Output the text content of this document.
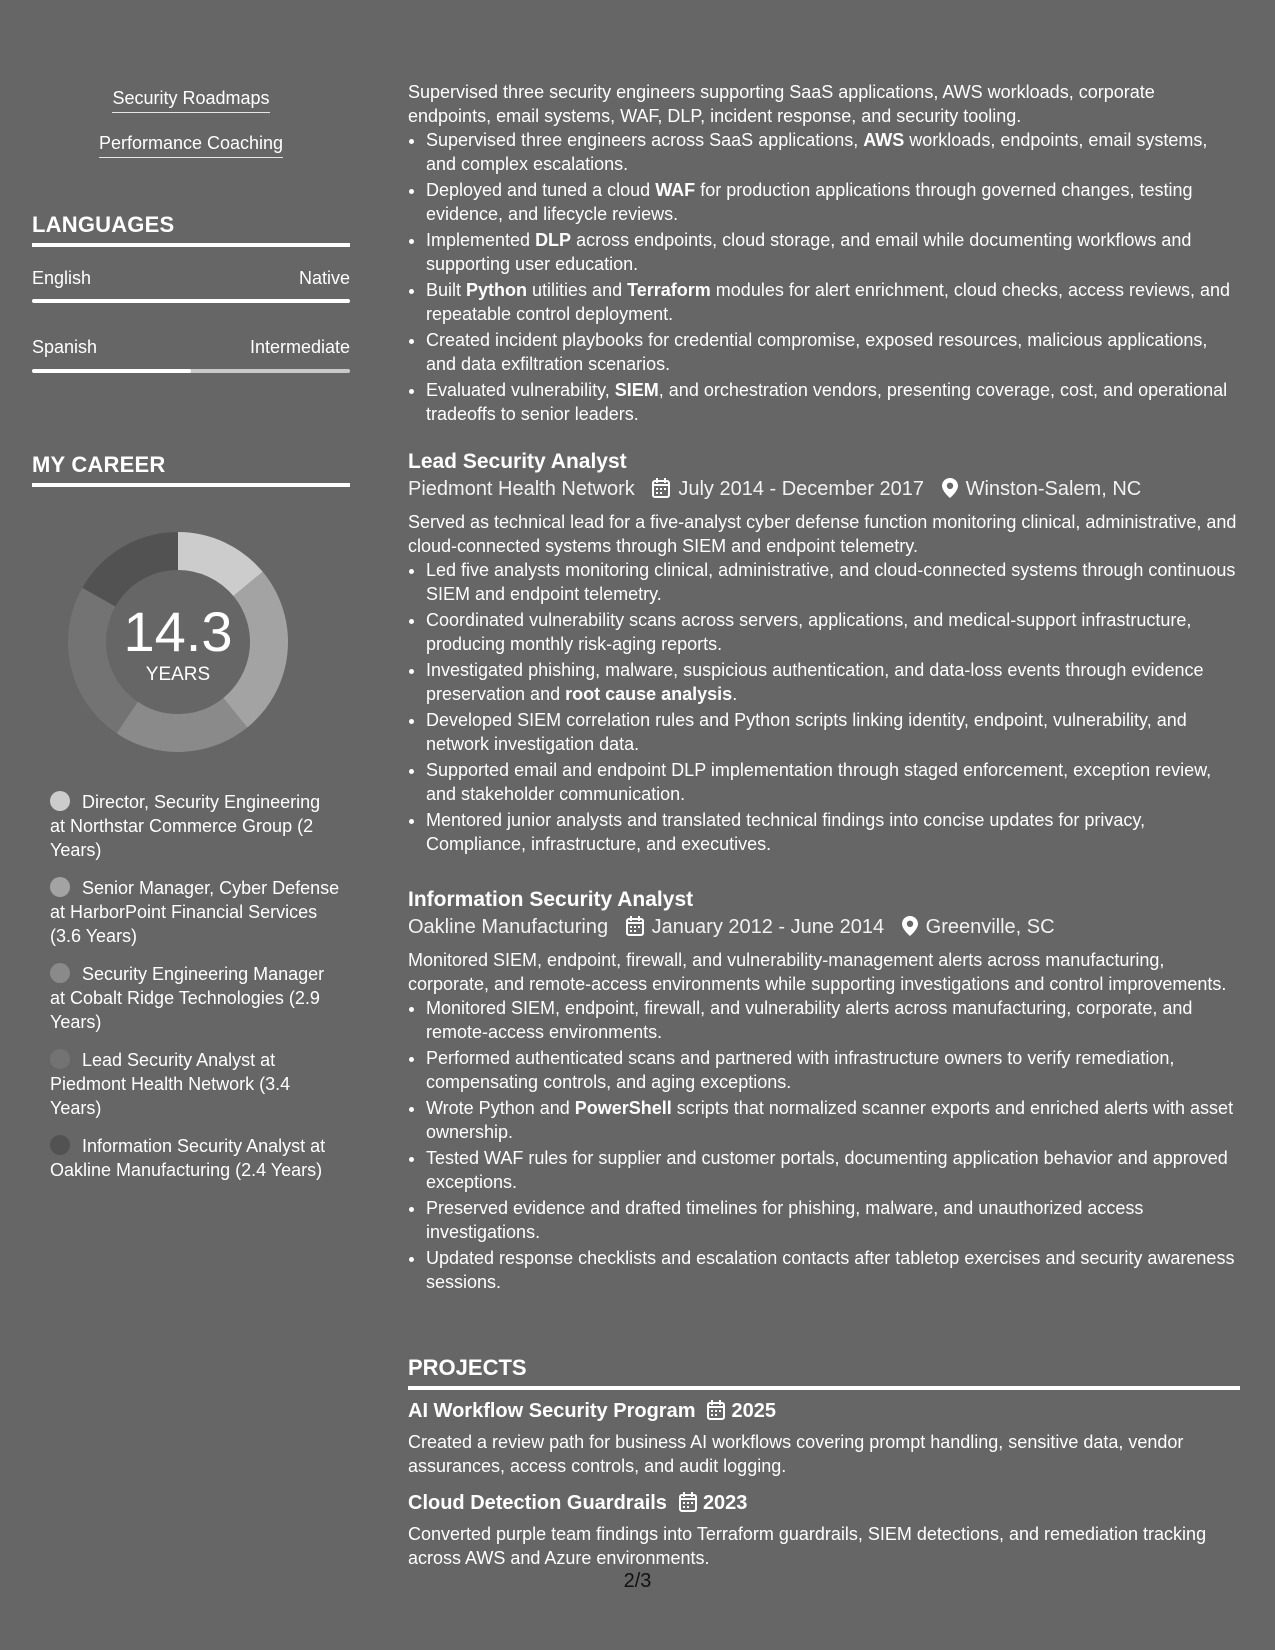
Security Roadmaps
Performance Coaching
LANGUAGES
English	Native
Spanish	Intermediate
MY CAREER
14.3
YEARS
Director, Security Engineering at Northstar Commerce Group (2 Years)
Senior Manager, Cyber Defense at HarborPoint Financial Services (3.6 Years)
Security Engineering Manager at Cobalt Ridge Technologies (2.9 Years)
Lead Security Analyst at Piedmont Health Network (3.4 Years)
Information Security Analyst at Oakline Manufacturing (2.4 Years)

Supervised three security engineers supporting SaaS applications, AWS workloads, corporate endpoints, email systems, WAF, DLP, incident response, and security tooling.

• Supervised three engineers across SaaS applications, AWS workloads, endpoints, email systems, and complex escalations.
• Deployed and tuned a cloud WAF for production applications through governed changes, testing evidence, and lifecycle reviews.
• Implemented DLP across endpoints, cloud storage, and email while documenting workflows and supporting user education.
• Built Python utilities and Terraform modules for alert enrichment, cloud checks, access reviews, and repeatable control deployment.
• Created incident playbooks for credential compromise, exposed resources, malicious applications, and data exfiltration scenarios.
• Evaluated vulnerability, SIEM, and orchestration vendors, presenting coverage, cost, and operational tradeoffs to senior leaders.

Lead Security Analyst

Piedmont Health Network July 2014 - December 2017 Winston-Salem, NC

Served as technical lead for a five-analyst cyber defense function monitoring clinical, administrative, and cloud-connected systems through SIEM and endpoint telemetry.

• Led five analysts monitoring clinical, administrative, and cloud-connected systems through continuous SIEM and endpoint telemetry.
• Coordinated vulnerability scans across servers, applications, and medical-support infrastructure, producing monthly risk-aging reports.
• Investigated phishing, malware, suspicious authentication, and data-loss events through evidence preservation and root cause analysis.
• Developed SIEM correlation rules and Python scripts linking identity, endpoint, vulnerability, and network investigation data.
• Supported email and endpoint DLP implementation through staged enforcement, exception review, and stakeholder communication.
• Mentored junior analysts and translated technical findings into concise updates for privacy, Compliance, infrastructure, and executives.

Information Security Analyst

Oakline Manufacturing January 2012 - June 2014 Greenville, SC

Monitored SIEM, endpoint, firewall, and vulnerability-management alerts across manufacturing, corporate, and remote-access environments while supporting investigations and control improvements.

• Monitored SIEM, endpoint, firewall, and vulnerability alerts across manufacturing, corporate, and remote-access environments.
• Performed authenticated scans and partnered with infrastructure owners to verify remediation, compensating controls, and aging exceptions.
• Wrote Python and PowerShell scripts that normalized scanner exports and enriched alerts with asset ownership.
• Tested WAF rules for supplier and customer portals, documenting application behavior and approved exceptions.
• Preserved evidence and drafted timelines for phishing, malware, and unauthorized access investigations.
• Updated response checklists and escalation contacts after tabletop exercises and security awareness sessions.

PROJECTS

AI Workflow Security Program 2025

Created a review path for business AI workflows covering prompt handling, sensitive data, vendor assurances, access controls, and audit logging.

Cloud Detection Guardrails 2023

Converted purple team findings into Terraform guardrails, SIEM detections, and remediation tracking across AWS and Azure environments.

2/3
